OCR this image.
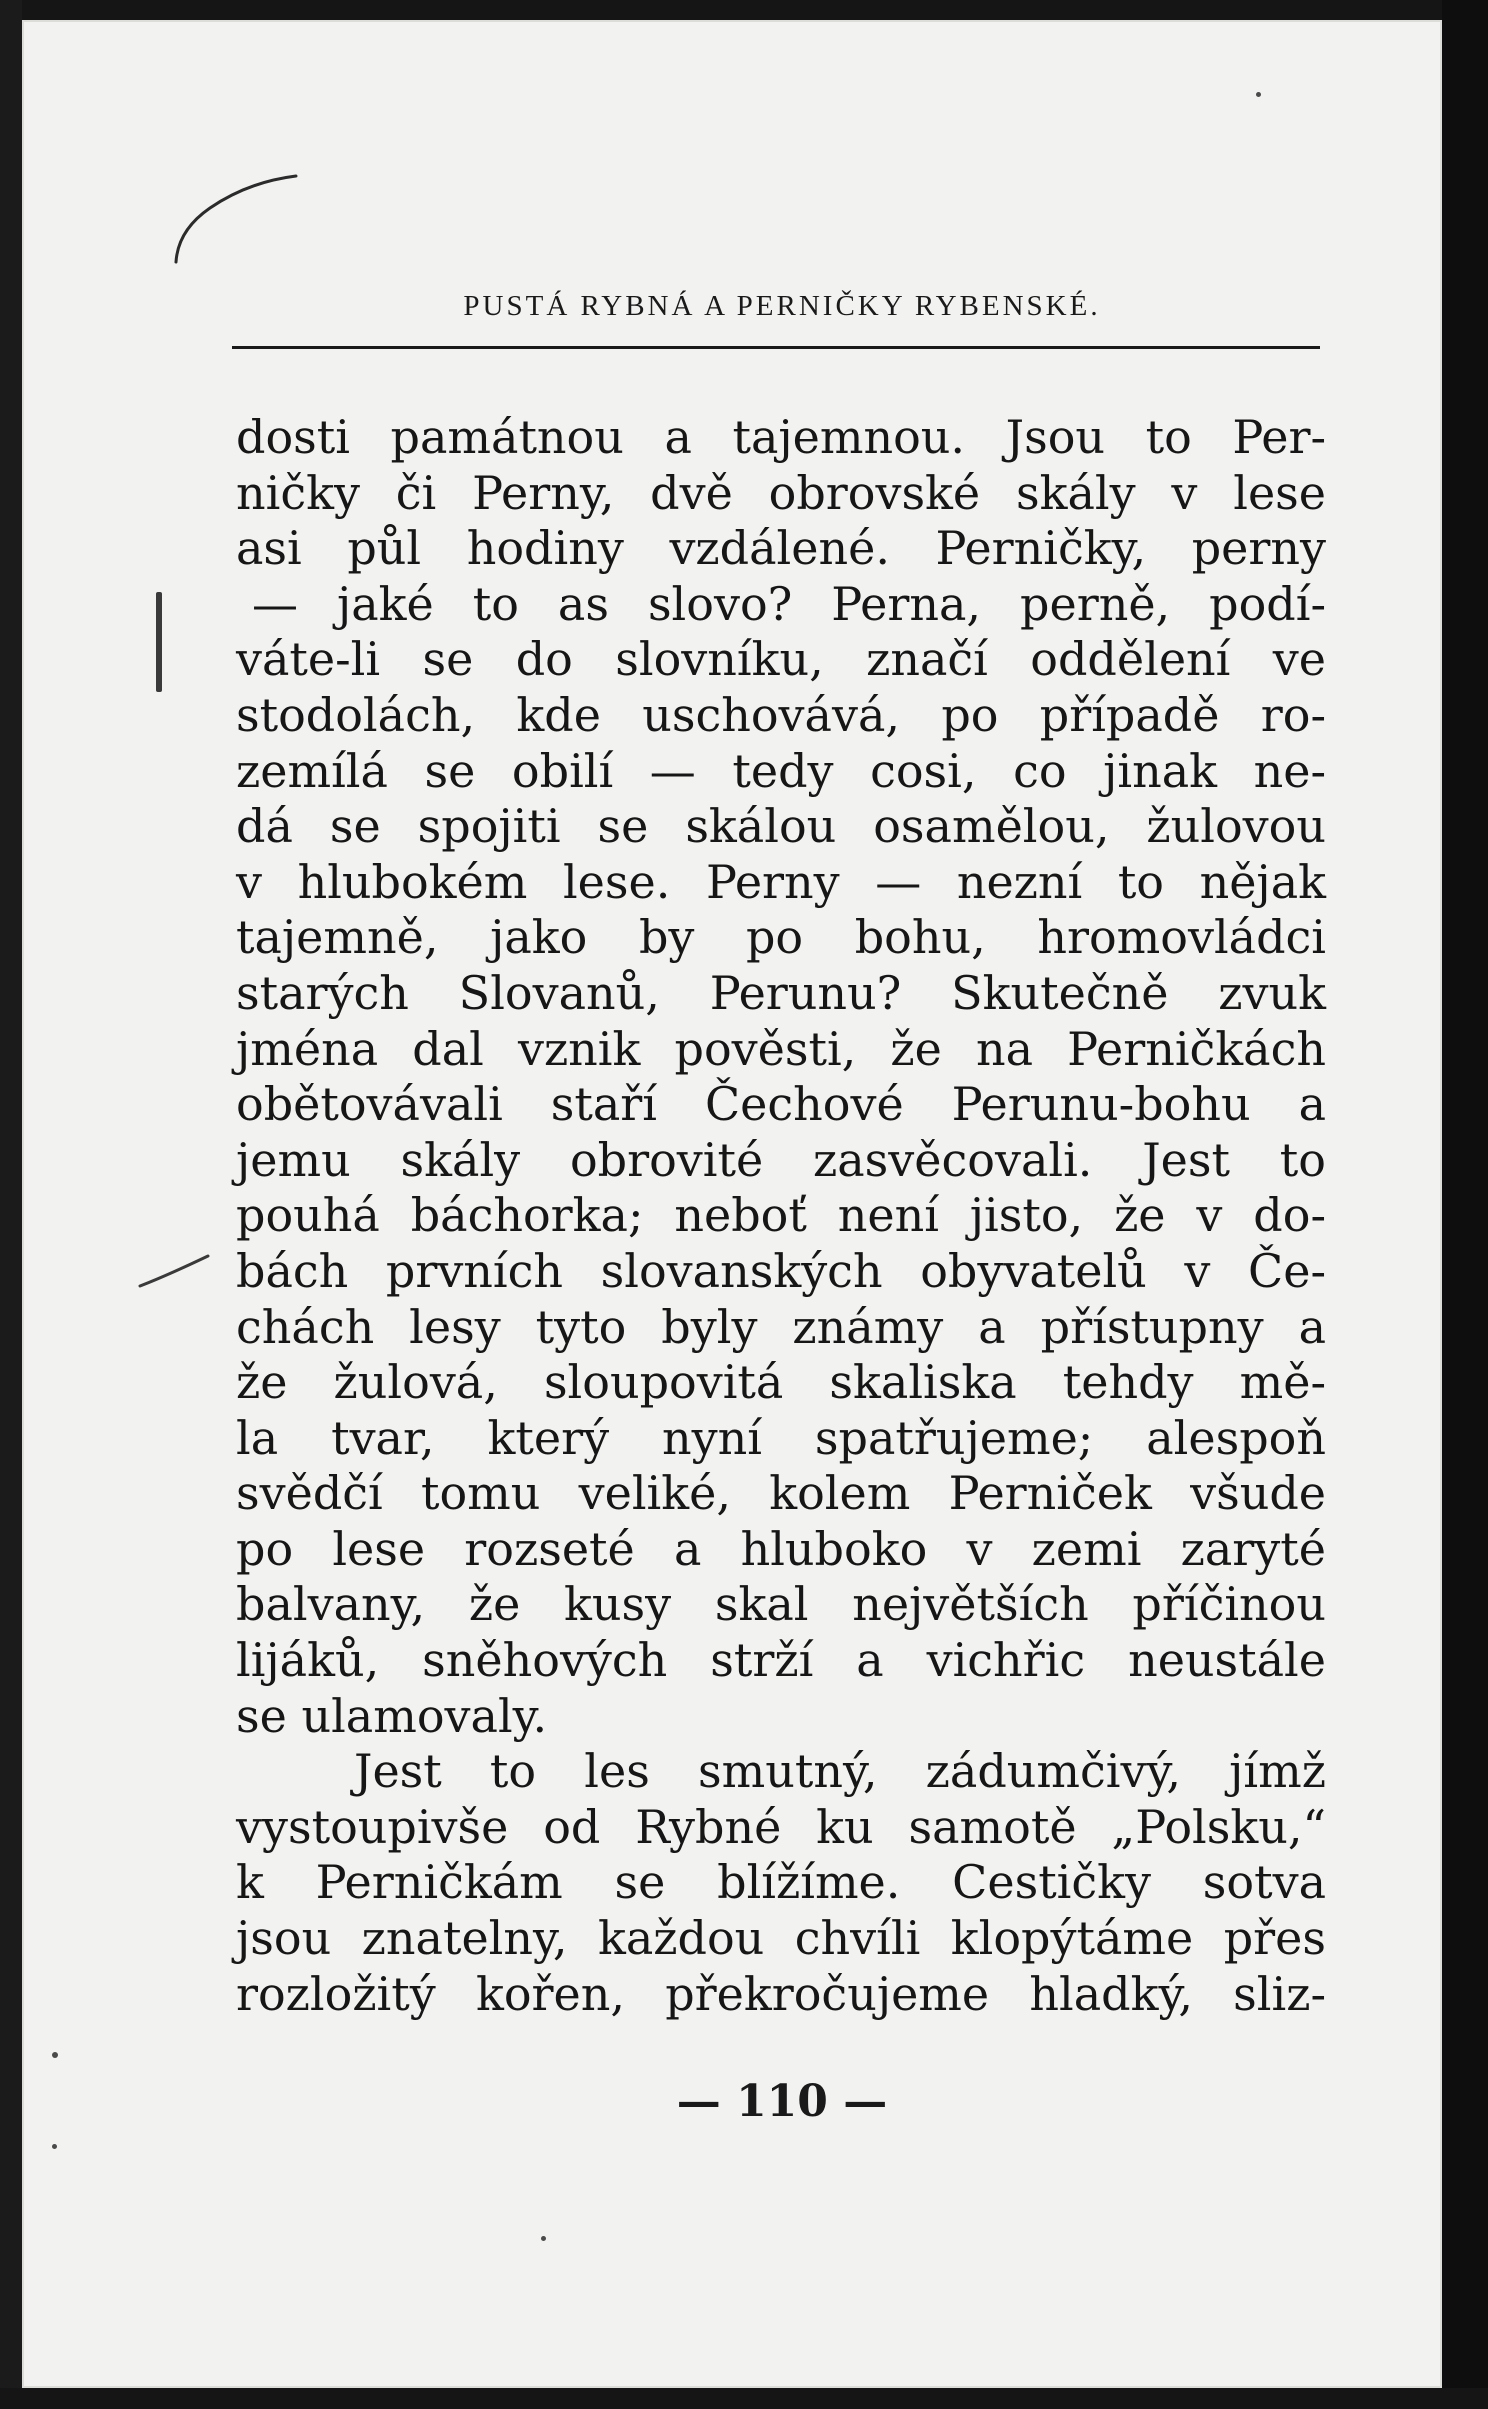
PUSTÁ RYBNÁ A PERNIČKY RYBENSKÉ.
dosti památnou a tajemnou. Jsou to Per-
ničky či Perny, dvě obrovské skály v lese
asi půl hodiny vzdálené. Perničky, perny
— jaké to as slovo? Perna, perně, podí-
váte-li se do slovníku, značí oddělení ve
stodolách, kde uschovává, po případě ro-
zemílá se obilí — tedy cosi, co jinak ne-
dá se spojiti se skálou osamělou, žulovou
v hlubokém lese. Perny — nezní to nějak
tajemně, jako by po bohu, hromovládci
starých Slovanů, Perunu? Skutečně zvuk
jména dal vznik pověsti, že na Perničkách
obětovávali staří Čechové Perunu-bohu a
jemu skály obrovité zasvěcovali. Jest to
pouhá báchorka; neboť není jisto, že v do-
bách prvních slovanských obyvatelů v Če-
chách lesy tyto byly známy a přístupny a
že žulová, sloupovitá skaliska tehdy mě-
la tvar, který nyní spatřujeme; alespoň
svědčí tomu veliké, kolem Perniček všude
po lese rozseté a hluboko v zemi zaryté
balvany, že kusy skal největších příčinou
lijáků, sněhových strží a vichřic neustále
se ulamovaly.
Jest to les smutný, zádumčivý, jímž
vystoupivše od Rybné ku samotě „Polsku,“
k Perničkám se blížíme. Cestičky sotva
jsou znatelny, každou chvíli klopýtáme přes
rozložitý kořen, překročujeme hladký, sliz-
— 110 —
